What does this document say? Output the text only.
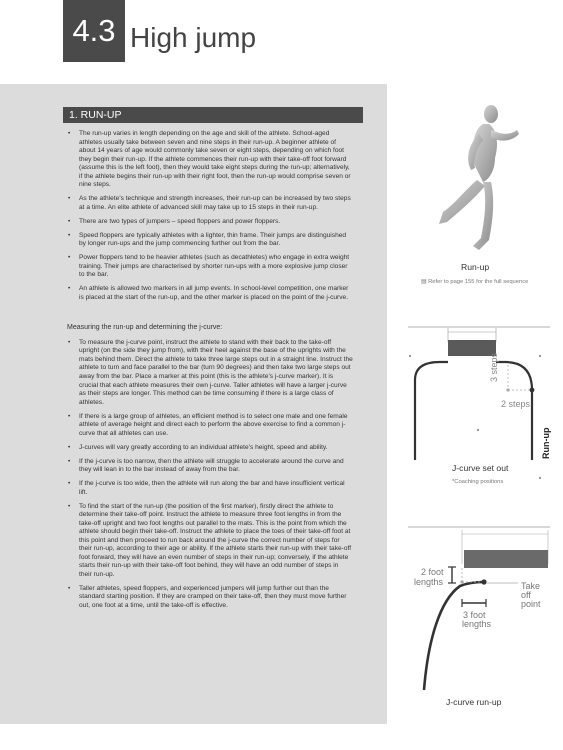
4.3 High jump
1. RUN-UP
• The run-up varies in length depending on the age and skill of the athlete. School-aged athletes usually take between seven and nine steps in their run-up. A beginner athlete of about 14 years of age would commonly take seven or eight steps, depending on which foot they begin their run-up. If the athlete commences their run-up with their take-off foot forward (assume this is the left foot), then they would take eight steps during the run-up; alternatively, if the athlete begins their run-up with their right foot, then the run-up would comprise seven or nine steps.
• As the athlete's technique and strength increases, their run-up can be increased by two steps at a time. An elite athlete of advanced skill may take up to 15 steps in their run-up.
• There are two types of jumpers – speed floppers and power floppers.
• Speed floppers are typically athletes with a lighter, thin frame. Their jumps are distinguished by longer run-ups and the jump commencing further out from the bar.
• Power floppers tend to be heavier athletes (such as decathletes) who engage in extra weight training. Their jumps are characterised by shorter run-ups with a more explosive jump closer to the bar.
• An athlete is allowed two markers in all jump events. In school-level competition, one marker is placed at the start of the run-up, and the other marker is placed on the point of the j-curve.
Measuring the run-up and determining the j-curve:
• To measure the j-curve point, instruct the athlete to stand with their back to the take-off upright (on the side they jump from), with their heel against the base of the uprights with the mats behind them. Direct the athlete to take three large steps out in a straight line. Instruct the athlete to turn and face parallel to the bar (turn 90 degrees) and then take two large steps out away from the bar. Place a marker at this point (this is the athlete's j-curve marker). It is crucial that each athlete measures their own j-curve. Taller athletes will have a larger j-curve as their steps are longer. This method can be time consuming if there is a large class of athletes.
• If there is a large group of athletes, an efficient method is to select one male and one female athlete of average height and direct each to perform the above exercise to find a common j-curve that all athletes can use.
• J-curves will vary greatly according to an individual athlete's height, speed and ability.
• If the j-curve is too narrow, then the athlete will struggle to accelerate around the curve and they will lean in to the bar instead of away from the bar.
• If the j-curve is too wide, then the athlete will run along the bar and have insufficient vertical lift.
• To find the start of the run-up (the position of the first marker), firstly direct the athlete to determine their take-off point. Instruct the athlete to measure three foot lengths in from the take-off upright and two foot lengths out parallel to the mats. This is the point from which the athlete should begin their take-off. Instruct the athlete to place the toes of their take-off foot at this point and then proceed to run back around the j-curve the correct number of steps for their run-up, according to their age or ability. If the athlete starts their run-up with their take-off foot forward, they will have an even number of steps in their run-up; conversely, if the athlete starts their run-up with their take-off foot behind, they will have an odd number of steps in their run-up.
• Taller athletes, speed floppers, and experienced jumpers will jump further out than the standard starting position. If they are cramped on their take-off, then they must move further out, one foot at a time, until the take-off is effective.
Run-up
▤ Refer to page 155 for the full sequence
3 steps
2 steps
Run-up
J-curve set out
*Coaching positions
2 foot
lengths	Take
off
point
3 foot
lengths
J-curve run-up
